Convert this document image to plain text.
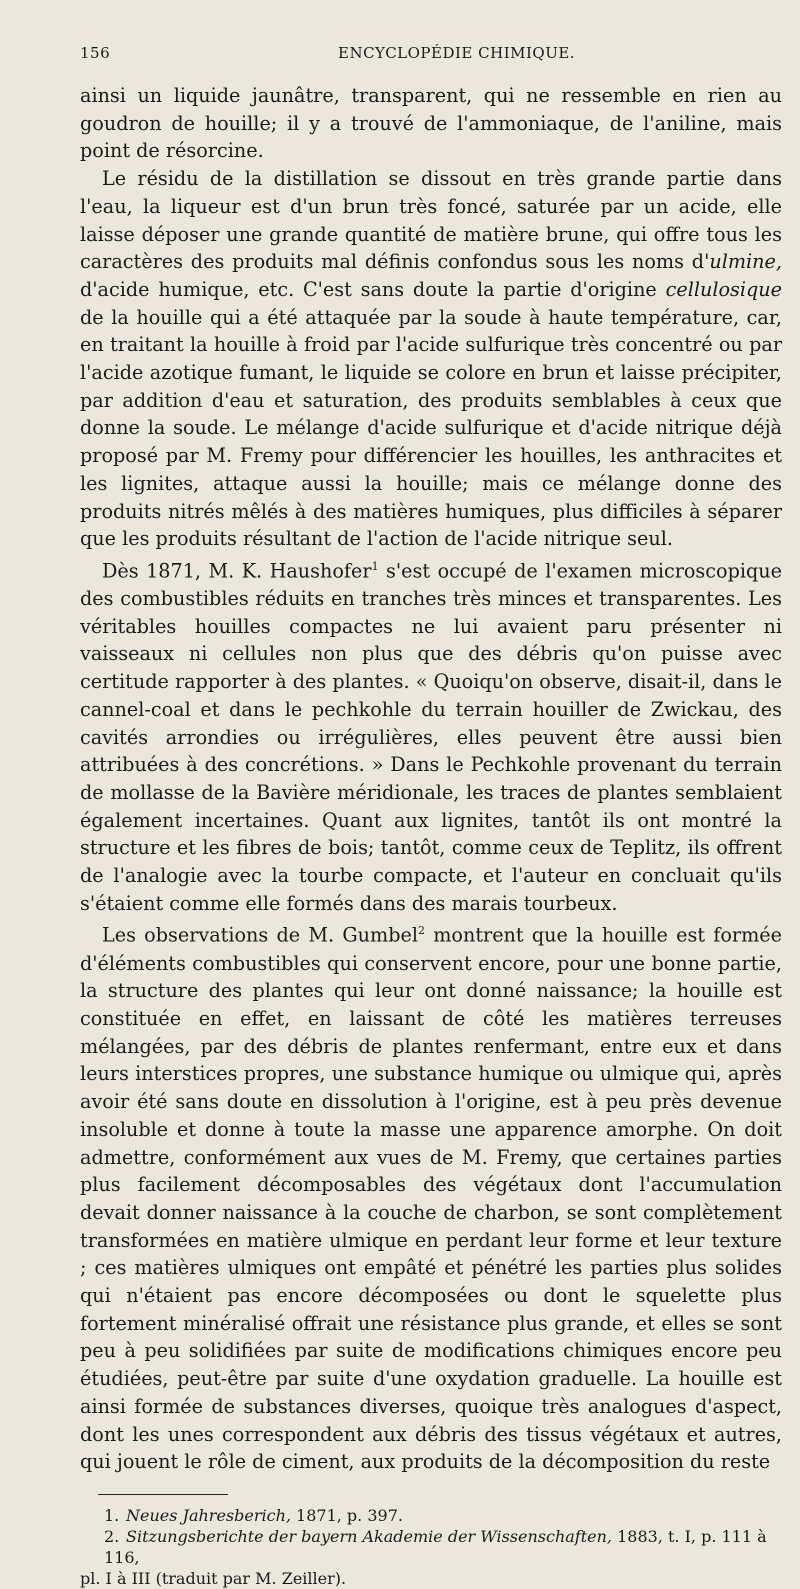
156	ENCYCLOPÉDIE CHIMIQUE.

ainsi un liquide jaunâtre, transparent, qui ne ressemble en rien au goudron de houille; il y a trouvé de l'ammoniaque, de l'aniline, mais point de résorcine.

Le résidu de la distillation se dissout en très grande partie dans l'eau, la liqueur est d'un brun très foncé, saturée par un acide, elle laisse déposer une grande quantité de matière brune, qui offre tous les caractères des produits mal définis confondus sous les noms d'ulmine, d'acide humique, etc. C'est sans doute la partie d'origine cellulosique de la houille qui a été attaquée par la soude à haute température, car, en traitant la houille à froid par l'acide sulfurique très concentré ou par l'acide azotique fumant, le liquide se colore en brun et laisse précipiter, par addition d'eau et saturation, des produits semblables à ceux que donne la soude. Le mélange d'acide sulfurique et d'acide nitrique déjà proposé par M. Fremy pour différencier les houilles, les anthracites et les lignites, attaque aussi la houille; mais ce mélange donne des produits nitrés mêlés à des matières humiques, plus difficiles à séparer que les produits résultant de l'action de l'acide nitrique seul.

Dès 1871, M. K. Haushofer$^1$ s'est occupé de l'examen microscopique des combustibles réduits en tranches très minces et transparentes. Les véritables houilles compactes ne lui avaient paru présenter ni vaisseaux ni cellules non plus que des débris qu'on puisse avec certitude rapporter à des plantes. « Quoiqu'on observe, disait-il, dans le cannel-coal et dans le pechkohle du terrain houiller de Zwickau, des cavités arrondies ou irrégulières, elles peuvent être aussi bien attribuées à des concrétions. » Dans le Pechkohle provenant du terrain de mollasse de la Bavière méridionale, les traces de plantes semblaient également incertaines. Quant aux lignites, tantôt ils ont montré la structure et les fibres de bois; tantôt, comme ceux de Teplitz, ils offrent de l'analogie avec la tourbe compacte, et l'auteur en concluait qu'ils s'étaient comme elle formés dans des marais tourbeux.

Les observations de M. Gumbel$^2$ montrent que la houille est formée d'éléments combustibles qui conservent encore, pour une bonne partie, la structure des plantes qui leur ont donné naissance; la houille est constituée en effet, en laissant de côté les matières terreuses mélangées, par des débris de plantes renfermant, entre eux et dans leurs interstices propres, une substance humique ou ulmique qui, après avoir été sans doute en dissolution à l'origine, est à peu près devenue insoluble et donne à toute la masse une apparence amorphe. On doit admettre, conformément aux vues de M. Fremy, que certaines parties plus facilement décomposables des végétaux dont l'accumulation devait donner naissance à la couche de charbon, se sont complètement transformées en matière ulmique en perdant leur forme et leur texture ; ces matières ulmiques ont empâté et pénétré les parties plus solides qui n'étaient pas encore décomposées ou dont le squelette plus fortement minéralisé offrait une résistance plus grande, et elles se sont peu à peu solidifiées par suite de modifications chimiques encore peu étudiées, peut-être par suite d'une oxydation graduelle. La houille est ainsi formée de substances diverses, quoique très analogues d'aspect, dont les unes correspondent aux débris des tissus végétaux et autres, qui jouent le rôle de ciment, aux produits de la décomposition du reste

1. Neues Jahresberich, 1871, p. 397.
2. Sitzungsberichte der bayern Akademie der Wissenschaften, 1883, t. I, p. 111 à 116,
pl. I à III (traduit par M. Zeiller).
